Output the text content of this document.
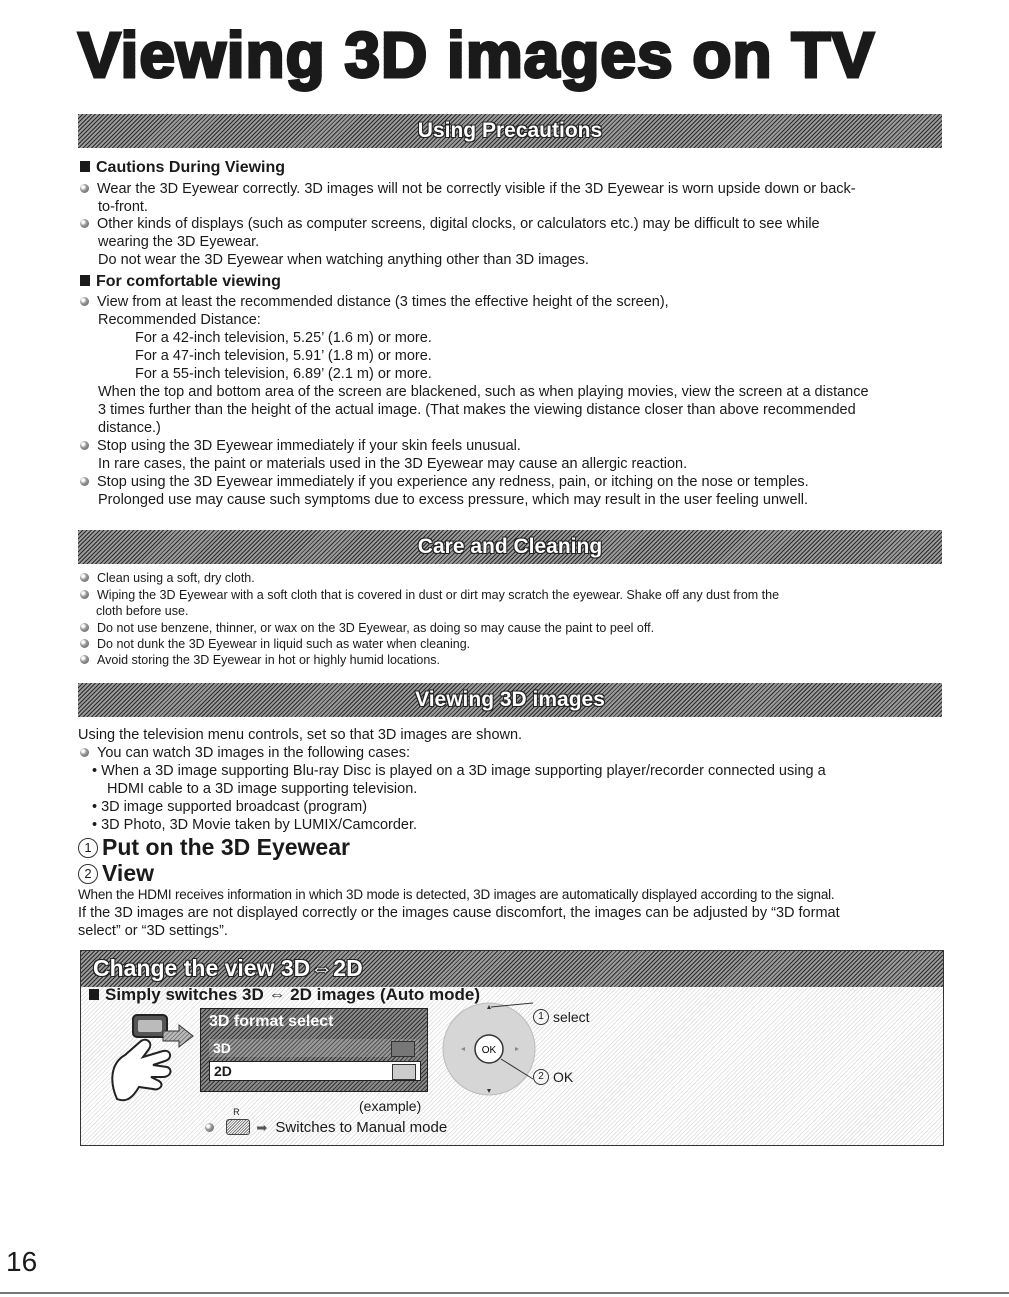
Viewing 3D images on TV
Using Precautions
Cautions During Viewing
Wear the 3D Eyewear correctly. 3D images will not be correctly visible if the 3D Eyewear is worn upside down or back-
to-front.
Other kinds of displays (such as computer screens, digital clocks, or calculators etc.) may be difficult to see while
wearing the 3D Eyewear.
Do not wear the 3D Eyewear when watching anything other than 3D images.
For comfortable viewing
View from at least the recommended distance (3 times the effective height of the screen),
Recommended Distance:
For a 42-inch television, 5.25’ (1.6 m) or more.
For a 47-inch television, 5.91’ (1.8 m) or more.
For a 55-inch television, 6.89’ (2.1 m) or more.
When the top and bottom area of the screen are blackened, such as when playing movies, view the screen at a distance
3 times further than the height of the actual image. (That makes the viewing distance closer than above recommended
distance.)
Stop using the 3D Eyewear immediately if your skin feels unusual.
In rare cases, the paint or materials used in the 3D Eyewear may cause an allergic reaction.
Stop using the 3D Eyewear immediately if you experience any redness, pain, or itching on the nose or temples.
Prolonged use may cause such symptoms due to excess pressure, which may result in the user feeling unwell.
Care and Cleaning
Clean using a soft, dry cloth.
Wiping the 3D Eyewear with a soft cloth that is covered in dust or dirt may scratch the eyewear. Shake off any dust from the
cloth before use.
Do not use benzene, thinner, or wax on the 3D Eyewear, as doing so may cause the paint to peel off.
Do not dunk the 3D Eyewear in liquid such as water when cleaning.
Avoid storing the 3D Eyewear in hot or highly humid locations.
Viewing 3D images
Using the television menu controls, set so that 3D images are shown.
You can watch 3D images in the following cases:
• When a 3D image supporting Blu-ray Disc is played on a 3D image supporting player/recorder connected using a
HDMI cable to a 3D image supporting television.
• 3D image supported broadcast (program)
• 3D Photo, 3D Movie taken by LUMIX/Camcorder.
1 Put on the 3D Eyewear
2 View
When the HDMI receives information in which 3D mode is detected, 3D images are automatically displayed according to the signal.
If the 3D images are not displayed correctly or the images cause discomfort, the images can be adjusted by “3D format
select” or “3D settings”.
Change the view 3D⇔2D
Simply switches 3D ⇔ 2D images (Auto mode)
OK
1 select
2 OK
(example)

R
➡ Switches to Manual mode
3D format select
3D
2D
16
